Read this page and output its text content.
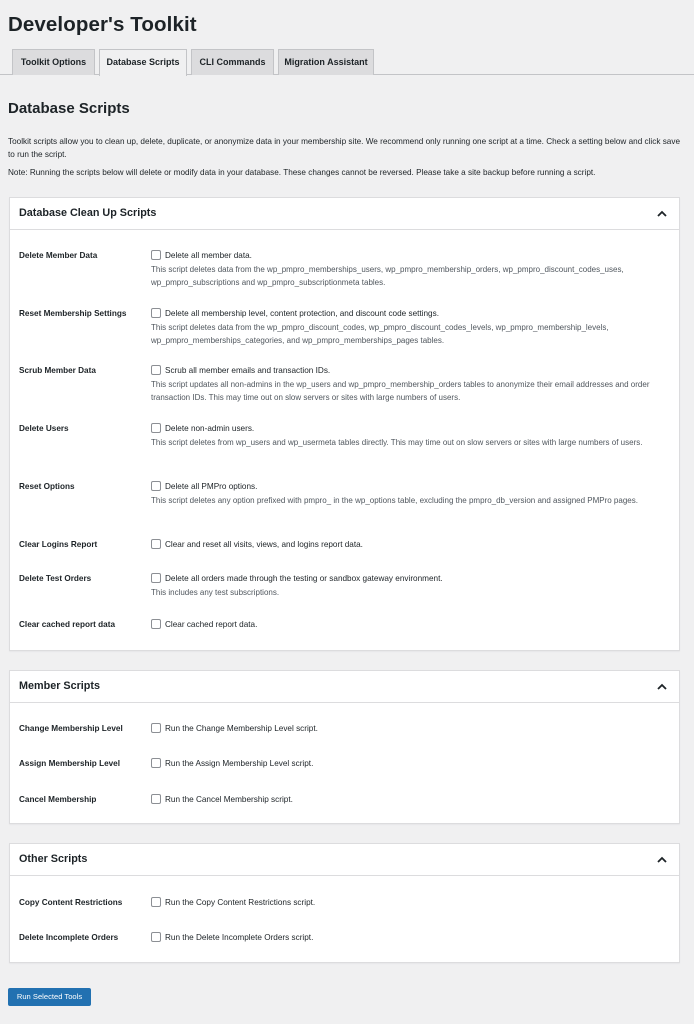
Developer's Toolkit
Toolkit Options	Database Scripts	CLI Commands	Migration Assistant
Database Scripts

Toolkit scripts allow you to clean up, delete, duplicate, or anonymize data in your membership site. We recommend only running one script at a time. Check a setting below and click save to run the script.

Note: Running the scripts below will delete or modify data in your database. These changes cannot be reversed. Please take a site backup before running a script.

Database Clean Up Scripts
Delete Member Data	Delete all member data.
This script deletes data from the wp_pmpro_memberships_users, wp_pmpro_membership_orders, wp_pmpro_discount_codes_uses, wp_pmpro_subscriptions and wp_pmpro_subscriptionmeta tables.
Reset Membership Settings	Delete all membership level, content protection, and discount code settings.
This script deletes data from the wp_pmpro_discount_codes, wp_pmpro_discount_codes_levels, wp_pmpro_membership_levels, wp_pmpro_memberships_categories, and wp_pmpro_memberships_pages tables.
Scrub Member Data	Scrub all member emails and transaction IDs.
This script updates all non-admins in the wp_users and wp_pmpro_membership_orders tables to anonymize their email addresses and order transaction IDs. This may time out on slow servers or sites with large numbers of users.
Delete Users	Delete non-admin users.
This script deletes from wp_users and wp_usermeta tables directly. This may time out on slow servers or sites with large numbers of users.
Reset Options	Delete all PMPro options.
This script deletes any option prefixed with pmpro_ in the wp_options table, excluding the pmpro_db_version and assigned PMPro pages.
Clear Logins Report	Clear and reset all visits, views, and logins report data.
Delete Test Orders	Delete all orders made through the testing or sandbox gateway environment.
This includes any test subscriptions.
Clear cached report data	Clear cached report data.
Member Scripts
Change Membership Level	Run the Change Membership Level script.
Assign Membership Level	Run the Assign Membership Level script.
Cancel Membership	Run the Cancel Membership script.
Other Scripts
Copy Content Restrictions	Run the Copy Content Restrictions script.
Delete Incomplete Orders	Run the Delete Incomplete Orders script.
Run Selected Tools
